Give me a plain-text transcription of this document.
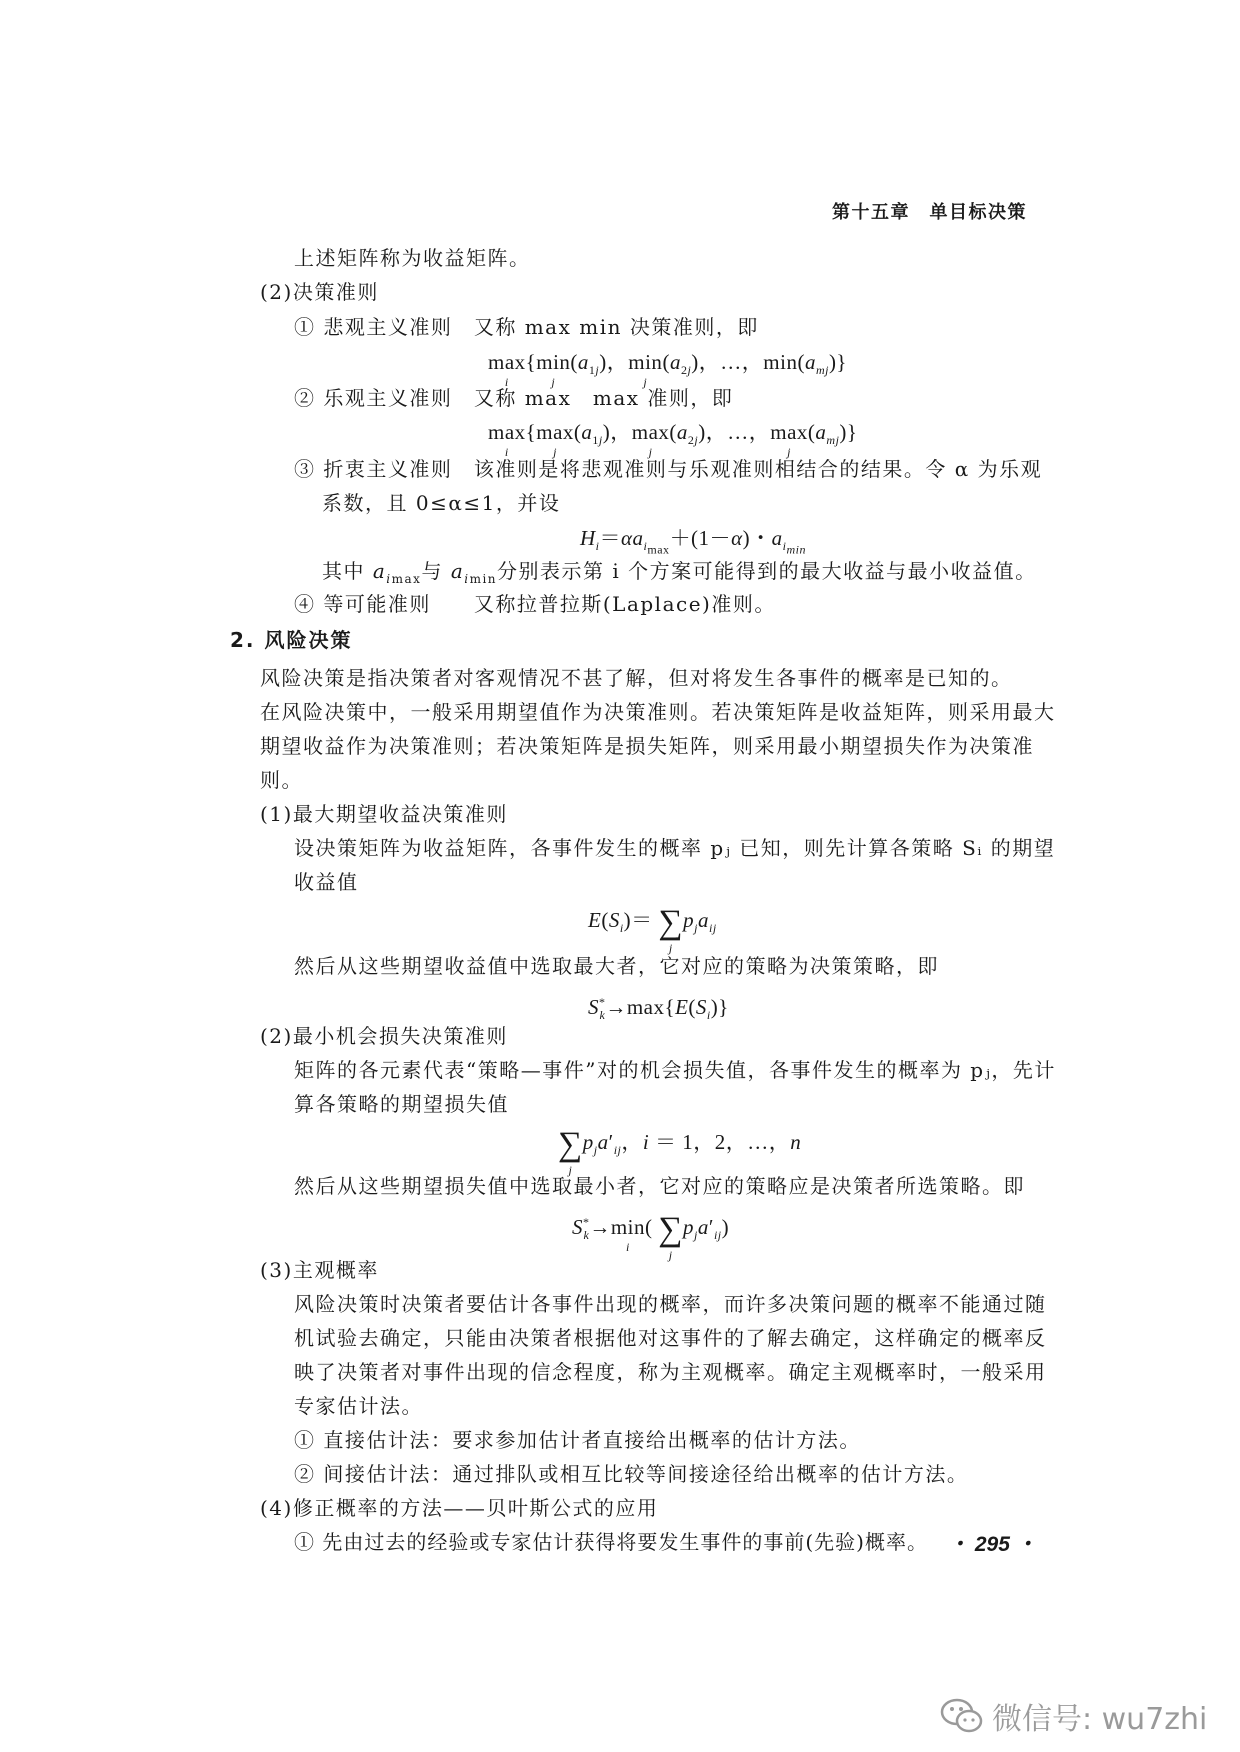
第十五章　单目标决策
上述矩阵称为收益矩阵。
(2)决策准则
① 悲观主义准则　又称 max min 决策准则，即
max
i
{min
j
$(a_{1j})$，min
j
$(a_{2j})$，…，$\min(a_{mj})$}
② 乐观主义准则　又称 max　max 准则，即
max
i
{max
j
$(a_{1j})$，max
j
$(a_{2j})$，…，max
j
$(a_{mj})$}
③ 折衷主义准则　该准则是将悲观准则与乐观准则相结合的结果。令 α 为乐观
系数，且 0≤α≤1，并设
$H_i=\alpha a_{i_{max}}+(1-\alpha)$・$a_{i_{min}}$
其中 $a_{imax}$与 $a_{imin}$分别表示第 i 个方案可能得到的最大收益与最小收益值。
④ 等可能准则　　又称拉普拉斯(Laplace)准则。
2. 风险决策
风险决策是指决策者对客观情况不甚了解，但对将发生各事件的概率是已知的。
在风险决策中，一般采用期望值作为决策准则。若决策矩阵是收益矩阵，则采用最大
期望收益作为决策准则；若决策矩阵是损失矩阵，则采用最小期望损失作为决策准
则。
(1)最大期望收益决策准则
设决策矩阵为收益矩阵，各事件发生的概率 pⱼ 已知，则先计算各策略 Sᵢ 的期望
收益值
$E(S_i)=$ ∑
j
$p_ja_{ij}$
然后从这些期望收益值中选取最大者，它对应的策略为决策策略，即
$S^*_k\to\max\{E(S_i)\}$
(2)最小机会损失决策准则
矩阵的各元素代表“策略—事件”对的机会损失值，各事件发生的概率为 pⱼ，先计
算各策略的期望损失值
∑
j
$p_ja'_{ij}$，i ＝ 1，2，…，n
然后从这些期望损失值中选取最小者，它对应的策略应是决策者所选策略。即
$S^*_k\to\min$
i
( ∑
j
$p_ja'_{ij}$)
(3)主观概率
风险决策时决策者要估计各事件出现的概率，而许多决策问题的概率不能通过随
机试验去确定，只能由决策者根据他对这事件的了解去确定，这样确定的概率反
映了决策者对事件出现的信念程度，称为主观概率。确定主观概率时，一般采用
专家估计法。
① 直接估计法：要求参加估计者直接给出概率的估计方法。
② 间接估计法：通过排队或相互比较等间接途径给出概率的估计方法。
(4)修正概率的方法——贝叶斯公式的应用
① 先由过去的经验或专家估计获得将要发生事件的事前(先验)概率。 ・ 295 ・
微信号: wu7zhi
